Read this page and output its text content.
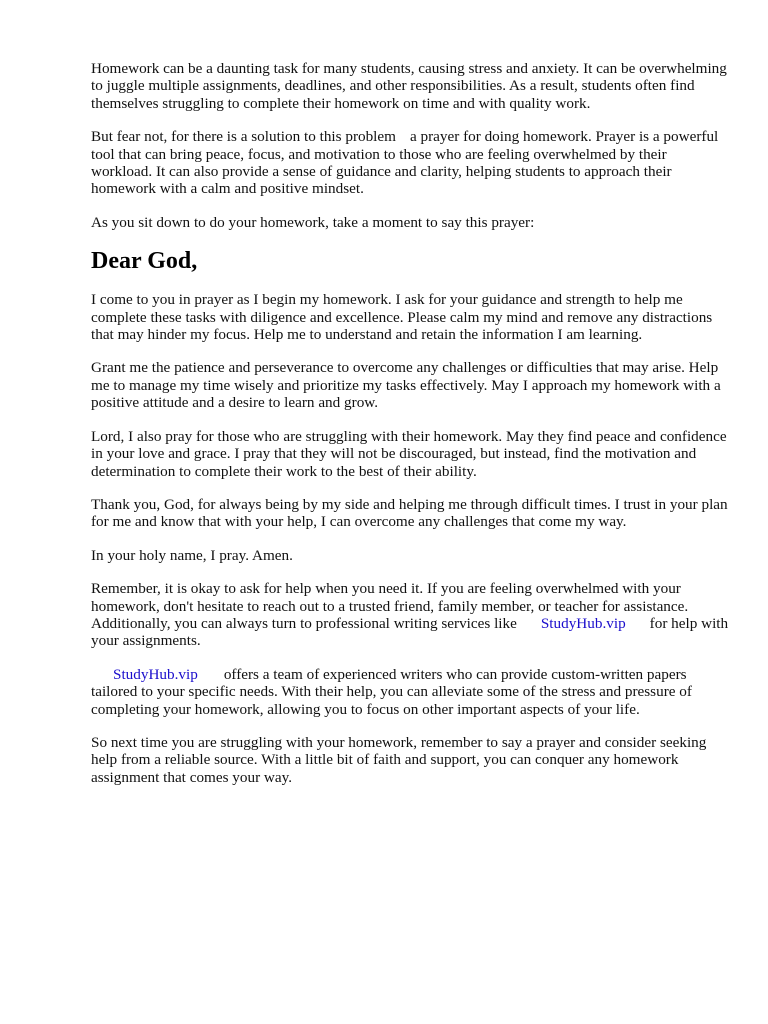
Homework can be a daunting task for many students, causing stress and anxiety. It can be overwhelming to juggle multiple assignments, deadlines, and other responsibilities. As a result, students often find themselves struggling to complete their homework on time and with quality work.

But fear not, for there is a solution to this problem a prayer for doing homework. Prayer is a powerful tool that can bring peace, focus, and motivation to those who are feeling overwhelmed by their workload. It can also provide a sense of guidance and clarity, helping students to approach their homework with a calm and positive mindset.

As you sit down to do your homework, take a moment to say this prayer:

Dear God,

I come to you in prayer as I begin my homework. I ask for your guidance and strength to help me complete these tasks with diligence and excellence. Please calm my mind and remove any distractions that may hinder my focus. Help me to understand and retain the information I am learning.

Grant me the patience and perseverance to overcome any challenges or difficulties that may arise. Help me to manage my time wisely and prioritize my tasks effectively. May I approach my homework with a positive attitude and a desire to learn and grow.

Lord, I also pray for those who are struggling with their homework. May they find peace and confidence in your love and grace. I pray that they will not be discouraged, but instead, find the motivation and determination to complete their work to the best of their ability.

Thank you, God, for always being by my side and helping me through difficult times. I trust in your plan for me and know that with your help, I can overcome any challenges that come my way.

In your holy name, I pray. Amen.

Remember, it is okay to ask for help when you need it. If you are feeling overwhelmed with your homework, don't hesitate to reach out to a trusted friend, family member, or teacher for assistance. Additionally, you can always turn to professional writing services like StudyHub.vip for help with your assignments.

StudyHub.vip offers a team of experienced writers who can provide custom-written papers tailored to your specific needs. With their help, you can alleviate some of the stress and pressure of completing your homework, allowing you to focus on other important aspects of your life.

So next time you are struggling with your homework, remember to say a prayer and consider seeking help from a reliable source. With a little bit of faith and support, you can conquer any homework assignment that comes your way.
